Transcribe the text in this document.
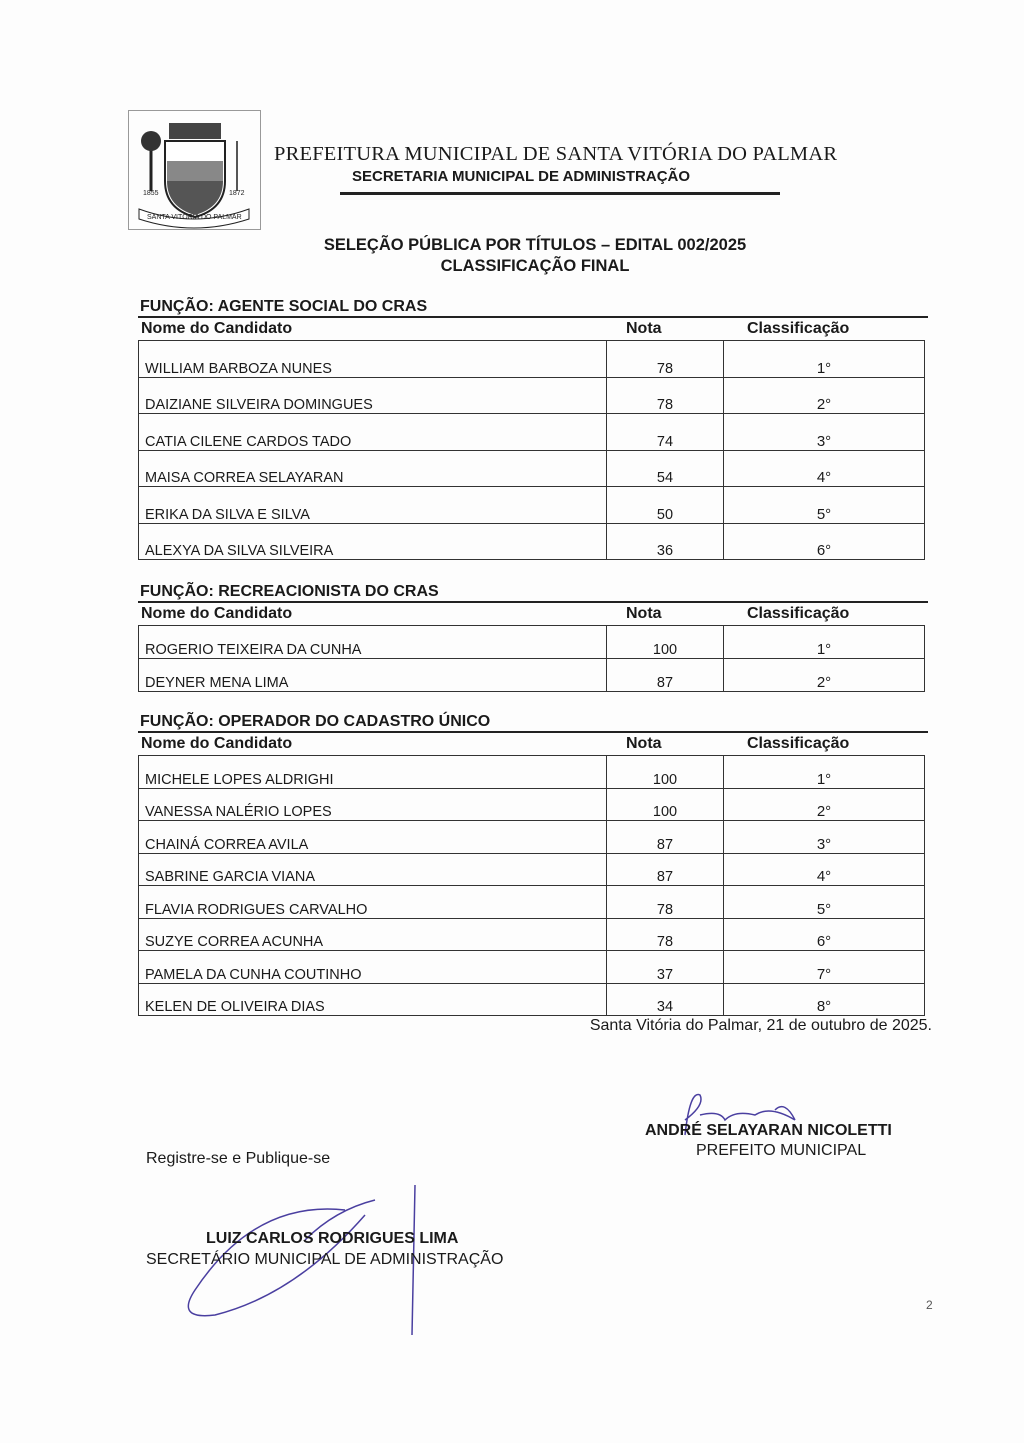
1855	1872
SANTA VITÓRIA DO PALMAR
PREFEITURA MUNICIPAL DE SANTA VITÓRIA DO PALMAR
SECRETARIA MUNICIPAL DE ADMINISTRAÇÃO
SELEÇÃO PÚBLICA POR TÍTULOS – EDITAL 002/2025
CLASSIFICAÇÃO FINAL
FUNÇÃO: AGENTE SOCIAL DO CRAS
Nome do Candidato	Nota	Classificação
WILLIAM BARBOZA NUNES	78	1°
DAIZIANE SILVEIRA DOMINGUES	78	2°
CATIA CILENE CARDOS TADO	74	3°
MAISA CORREA SELAYARAN	54	4°
ERIKA DA SILVA E SILVA	50	5°
ALEXYA DA SILVA SILVEIRA	36	6°
FUNÇÃO: RECREACIONISTA DO CRAS
Nome do Candidato	Nota	Classificação
ROGERIO TEIXEIRA DA CUNHA	100	1°
DEYNER MENA LIMA	87	2°
FUNÇÃO: OPERADOR DO CADASTRO ÚNICO
Nome do Candidato	Nota	Classificação
MICHELE LOPES ALDRIGHI	100	1°
VANESSA NALÉRIO LOPES	100	2°
CHAINÁ CORREA AVILA	87	3°
SABRINE GARCIA VIANA	87	4°
FLAVIA RODRIGUES CARVALHO	78	5°
SUZYE CORREA ACUNHA	78	6°
PAMELA DA CUNHA COUTINHO	37	7°
KELEN DE OLIVEIRA DIAS	34	8°
Santa Vitória do Palmar, 21 de outubro de 2025.
ANDRÉ SELAYARAN NICOLETTI
PREFEITO MUNICIPAL
Registre-se e Publique-se
LUIZ CARLOS RODRIGUES LIMA
SECRETÁRIO MUNICIPAL DE ADMINISTRAÇÃO
2
